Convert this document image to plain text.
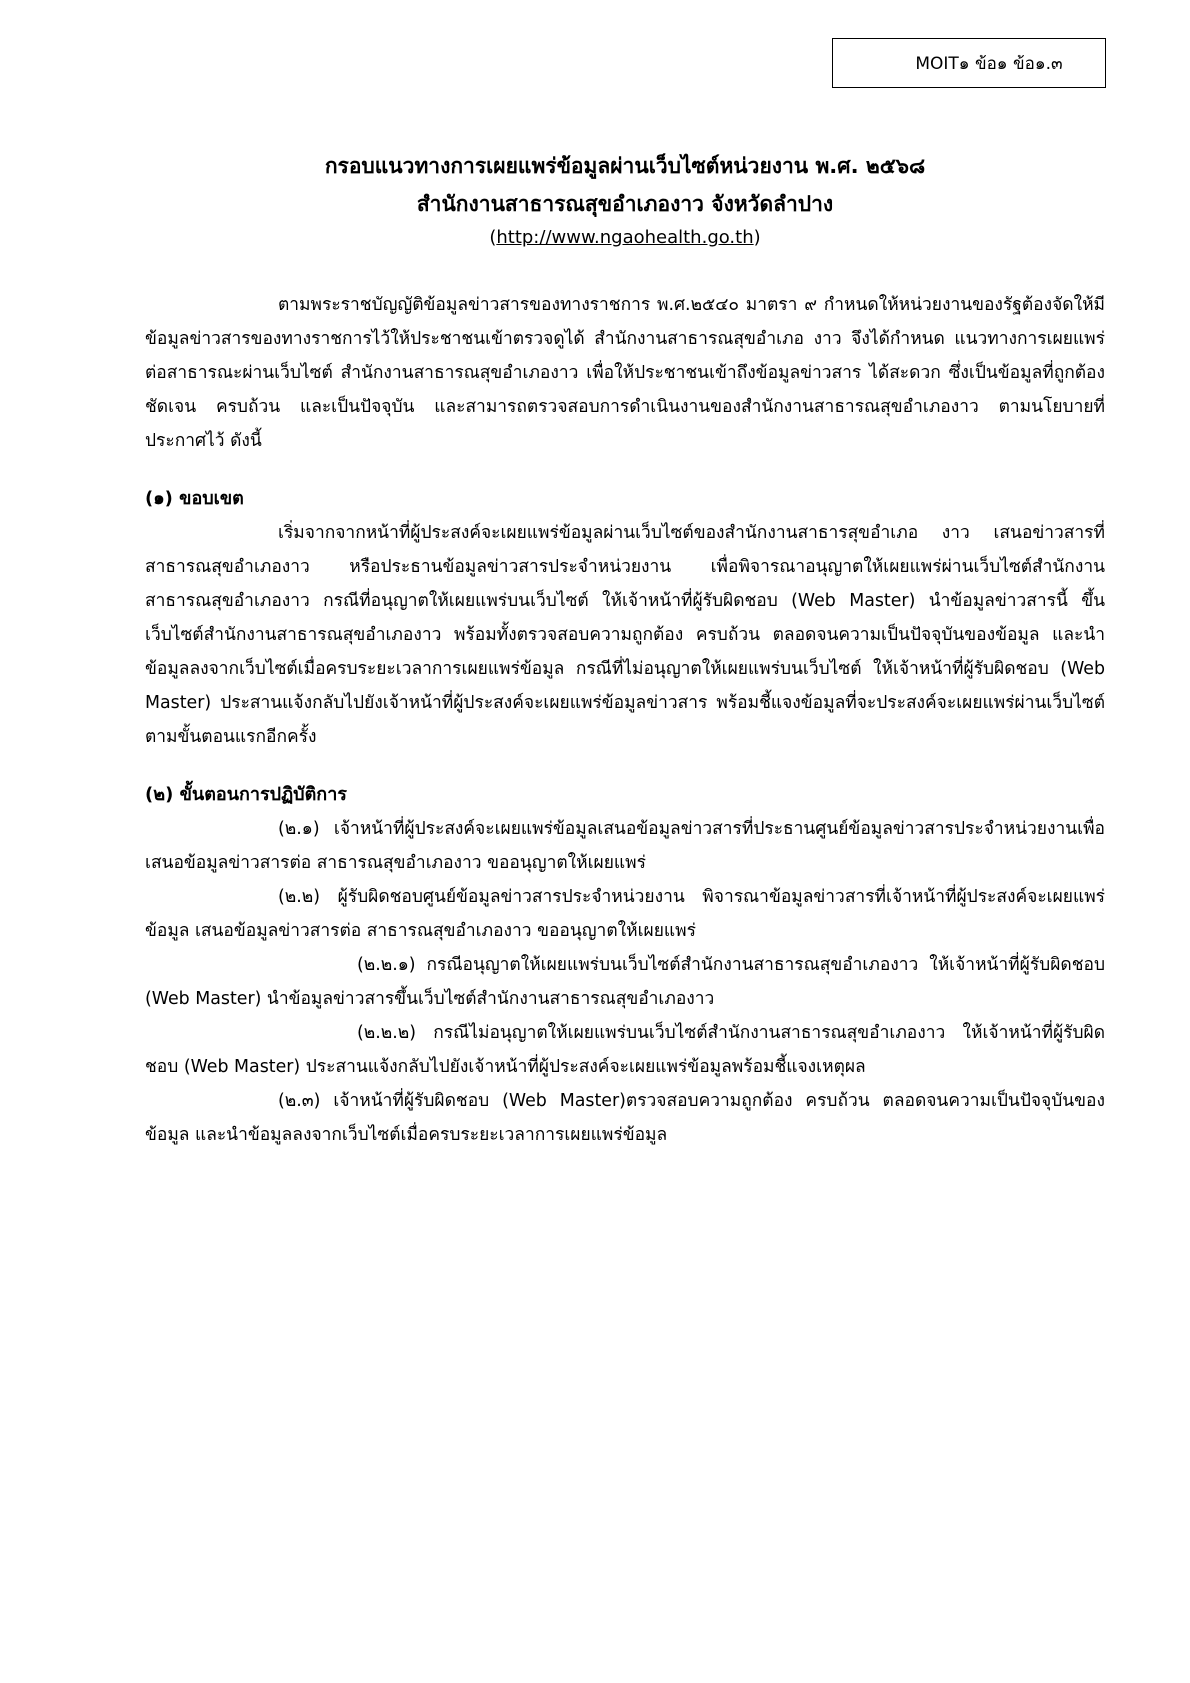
MOIT๑ ข้อ๑ ข้อ๑.๓
กรอบแนวทางการเผยแพร่ข้อมูลผ่านเว็บไซต์หน่วยงาน พ.ศ. ๒๕๖๘
สำนักงานสาธารณสุขอำเภองาว จังหวัดลำปาง
(http://www.ngaohealth.go.th)

ตามพระราชบัญญัติข้อมูลข่าวสารของทางราชการ พ.ศ.๒๕๔๐ มาตรา ๙ กำหนดให้หน่วยงานของรัฐต้องจัดให้มีข้อมูลข่าวสารของทางราชการไว้ให้ประชาชนเข้าตรวจดูได้ สำนักงานสาธารณสุขอำเภอ งาว จึงได้กำหนด แนวทางการเผยแพร่ต่อสาธารณะผ่านเว็บไซต์ สำนักงานสาธารณสุขอำเภองาว เพื่อให้ประชาชนเข้าถึงข้อมูลข่าวสาร ได้สะดวก ซึ่งเป็นข้อมูลที่ถูกต้อง ชัดเจน ครบถ้วน และเป็นปัจจุบัน และสามารถตรวจสอบการดำเนินงานของสำนักงานสาธารณสุขอำเภองาว ตามนโยบายที่ประกาศไว้ ดังนี้

(๑) ขอบเขต

เริ่มจากจากหน้าที่ผู้ประสงค์จะเผยแพร่ข้อมูลผ่านเว็บไซต์ของสำนักงานสาธารสุขอำเภอ งาว เสนอข่าวสารที่ สาธารณสุขอำเภองาว หรือประธานข้อมูลข่าวสารประจำหน่วยงาน เพื่อพิจารณาอนุญาตให้เผยแพร่ผ่านเว็บไซต์สำนักงานสาธารณสุขอำเภองาว กรณีที่อนุญาตให้เผยแพร่บนเว็บไซต์ ให้เจ้าหน้าที่ผู้รับผิดชอบ (Web Master) นำข้อมูลข่าวสารนี้ ขึ้นเว็บไซต์สำนักงานสาธารณสุขอำเภองาว พร้อมทั้งตรวจสอบความถูกต้อง ครบถ้วน ตลอดจนความเป็นปัจจุบันของข้อมูล และนำข้อมูลลงจากเว็บไซต์เมื่อครบระยะเวลาการเผยแพร่ข้อมูล กรณีที่ไม่อนุญาตให้เผยแพร่บนเว็บไซต์ ให้เจ้าหน้าที่ผู้รับผิดชอบ (Web Master) ประสานแจ้งกลับไปยังเจ้าหน้าที่ผู้ประสงค์จะเผยแพร่ข้อมูลข่าวสาร พร้อมชี้แจงข้อมูลที่จะประสงค์จะเผยแพร่ผ่านเว็บไซต์ ตามขั้นตอนแรกอีกครั้ง

(๒) ขั้นตอนการปฏิบัติการ

(๒.๑) เจ้าหน้าที่ผู้ประสงค์จะเผยแพร่ข้อมูลเสนอข้อมูลข่าวสารที่ประธานศูนย์ข้อมูลข่าวสารประจำหน่วยงานเพื่อเสนอข้อมูลข่าวสารต่อ สาธารณสุขอำเภองาว ขออนุญาตให้เผยแพร่

(๒.๒) ผู้รับผิดชอบศูนย์ข้อมูลข่าวสารประจำหน่วยงาน พิจารณาข้อมูลข่าวสารที่เจ้าหน้าที่ผู้ประสงค์จะเผยแพร่ข้อมูล เสนอข้อมูลข่าวสารต่อ สาธารณสุขอำเภองาว ขออนุญาตให้เผยแพร่

(๒.๒.๑) กรณีอนุญาตให้เผยแพร่บนเว็บไซต์สำนักงานสาธารณสุขอำเภองาว ให้เจ้าหน้าที่ผู้รับผิดชอบ (Web Master) นำข้อมูลข่าวสารขึ้นเว็บไซต์สำนักงานสาธารณสุขอำเภองาว

(๒.๒.๒) กรณีไม่อนุญาตให้เผยแพร่บนเว็บไซต์สำนักงานสาธารณสุขอำเภองาว ให้เจ้าหน้าที่ผู้รับผิดชอบ (Web Master) ประสานแจ้งกลับไปยังเจ้าหน้าที่ผู้ประสงค์จะเผยแพร่ข้อมูลพร้อมชี้แจงเหตุผล

(๒.๓) เจ้าหน้าที่ผู้รับผิดชอบ (Web Master)ตรวจสอบความถูกต้อง ครบถ้วน ตลอดจนความเป็นปัจจุบันของข้อมูล และนำข้อมูลลงจากเว็บไซต์เมื่อครบระยะเวลาการเผยแพร่ข้อมูล
